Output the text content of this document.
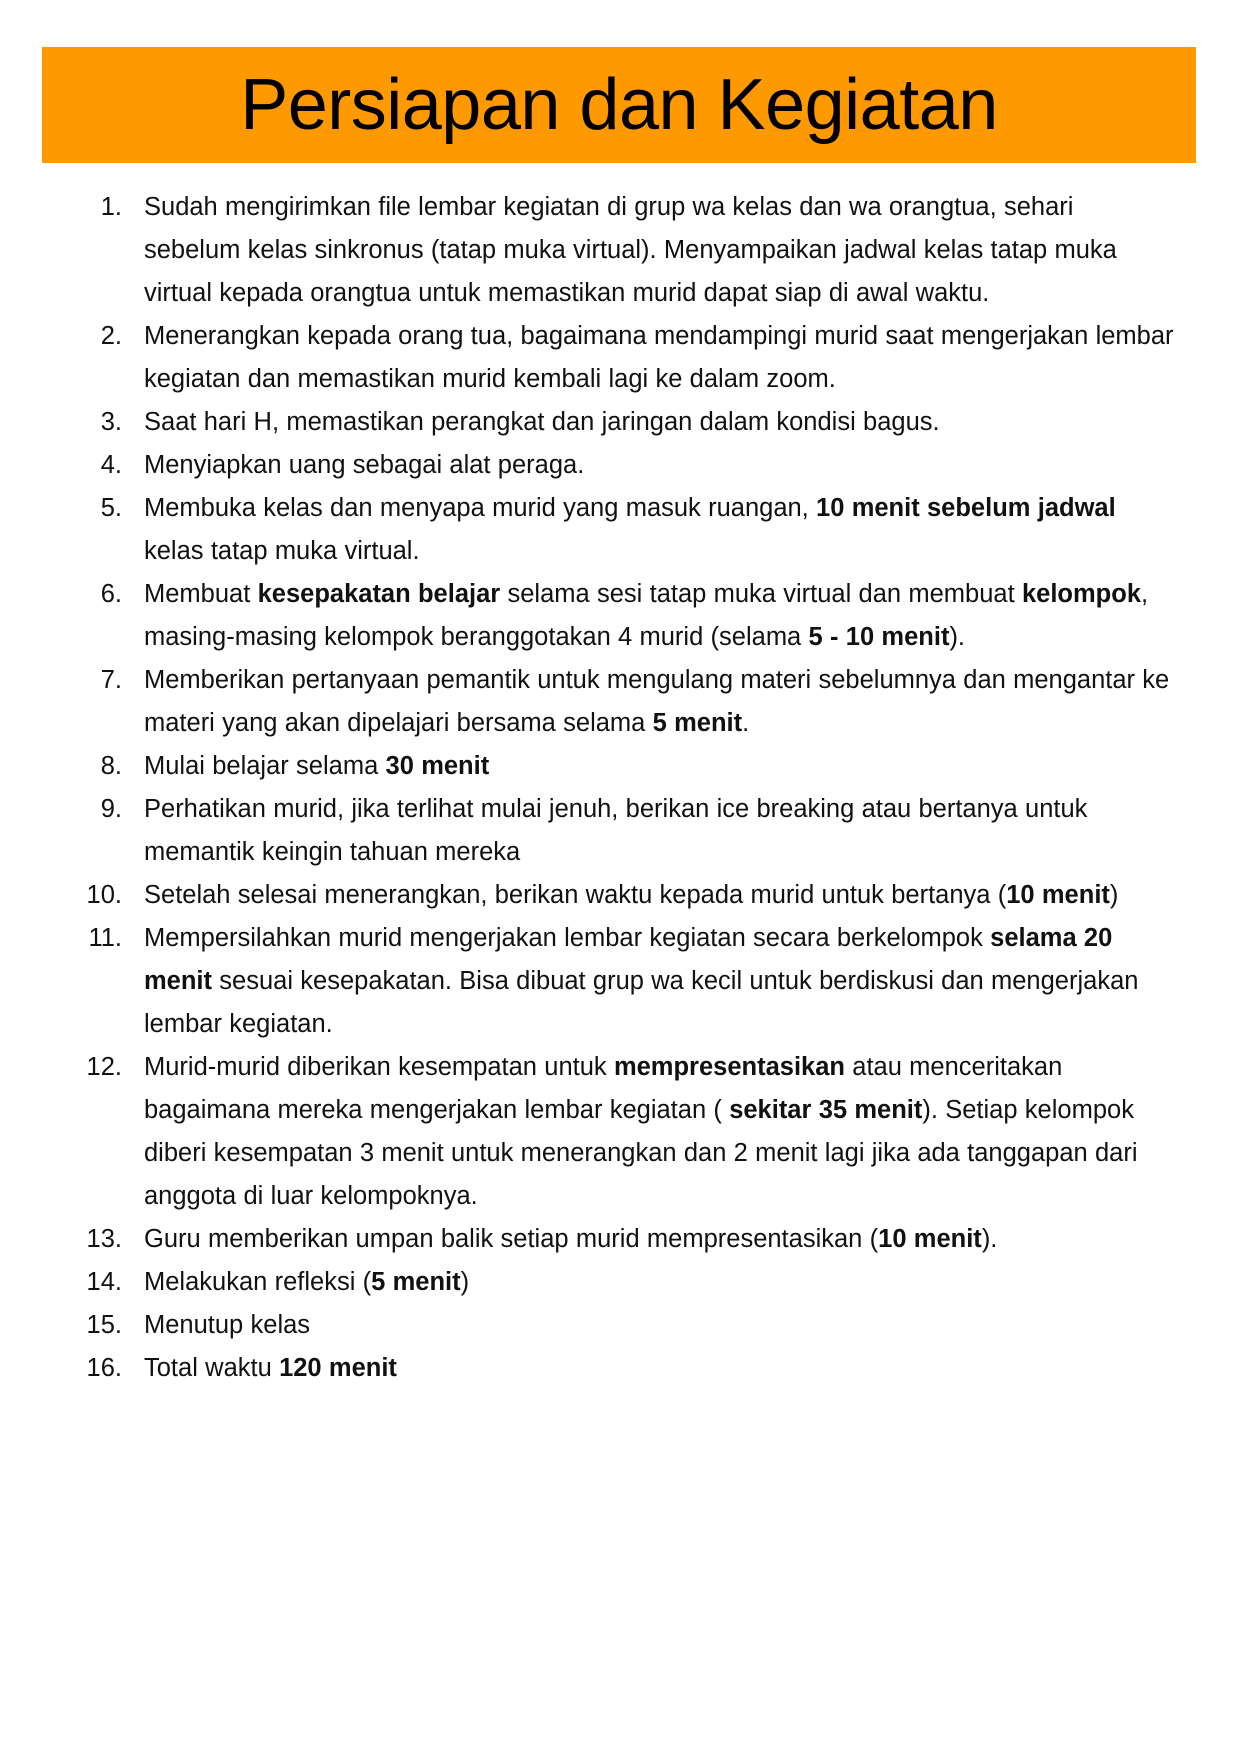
Persiapan dan Kegiatan
1. Sudah mengirimkan file lembar kegiatan di grup wa kelas dan wa orangtua, sehari sebelum kelas sinkronus (tatap muka virtual). Menyampaikan jadwal kelas tatap muka virtual kepada orangtua untuk memastikan murid dapat siap di awal waktu.
2. Menerangkan kepada orang tua, bagaimana mendampingi murid saat mengerjakan lembar kegiatan dan memastikan murid kembali lagi ke dalam zoom.
3. Saat hari H, memastikan perangkat dan jaringan dalam kondisi bagus.
4. Menyiapkan uang sebagai alat peraga.
5. Membuka kelas dan menyapa murid yang masuk ruangan, 10 menit sebelum jadwal kelas tatap muka virtual.
6. Membuat kesepakatan belajar selama sesi tatap muka virtual dan membuat kelompok, masing-masing kelompok beranggotakan 4 murid (selama 5 - 10 menit).
7. Memberikan pertanyaan pemantik untuk mengulang materi sebelumnya dan mengantar ke materi yang akan dipelajari bersama selama 5 menit.
8. Mulai belajar selama 30 menit
9. Perhatikan murid, jika terlihat mulai jenuh, berikan ice breaking atau bertanya untuk memantik keingin tahuan mereka
10. Setelah selesai menerangkan, berikan waktu kepada murid untuk bertanya (10 menit)
11. Mempersilahkan murid mengerjakan lembar kegiatan secara berkelompok selama 20 menit sesuai kesepakatan. Bisa dibuat grup wa kecil untuk berdiskusi dan mengerjakan lembar kegiatan.
12. Murid-murid diberikan kesempatan untuk mempresentasikan atau menceritakan bagaimana mereka mengerjakan lembar kegiatan ( sekitar 35 menit). Setiap kelompok diberi kesempatan 3 menit untuk menerangkan dan 2 menit lagi jika ada tanggapan dari anggota di luar kelompoknya.
13. Guru memberikan umpan balik setiap murid mempresentasikan (10 menit).
14. Melakukan refleksi (5 menit)
15. Menutup kelas
16. Total waktu 120 menit
